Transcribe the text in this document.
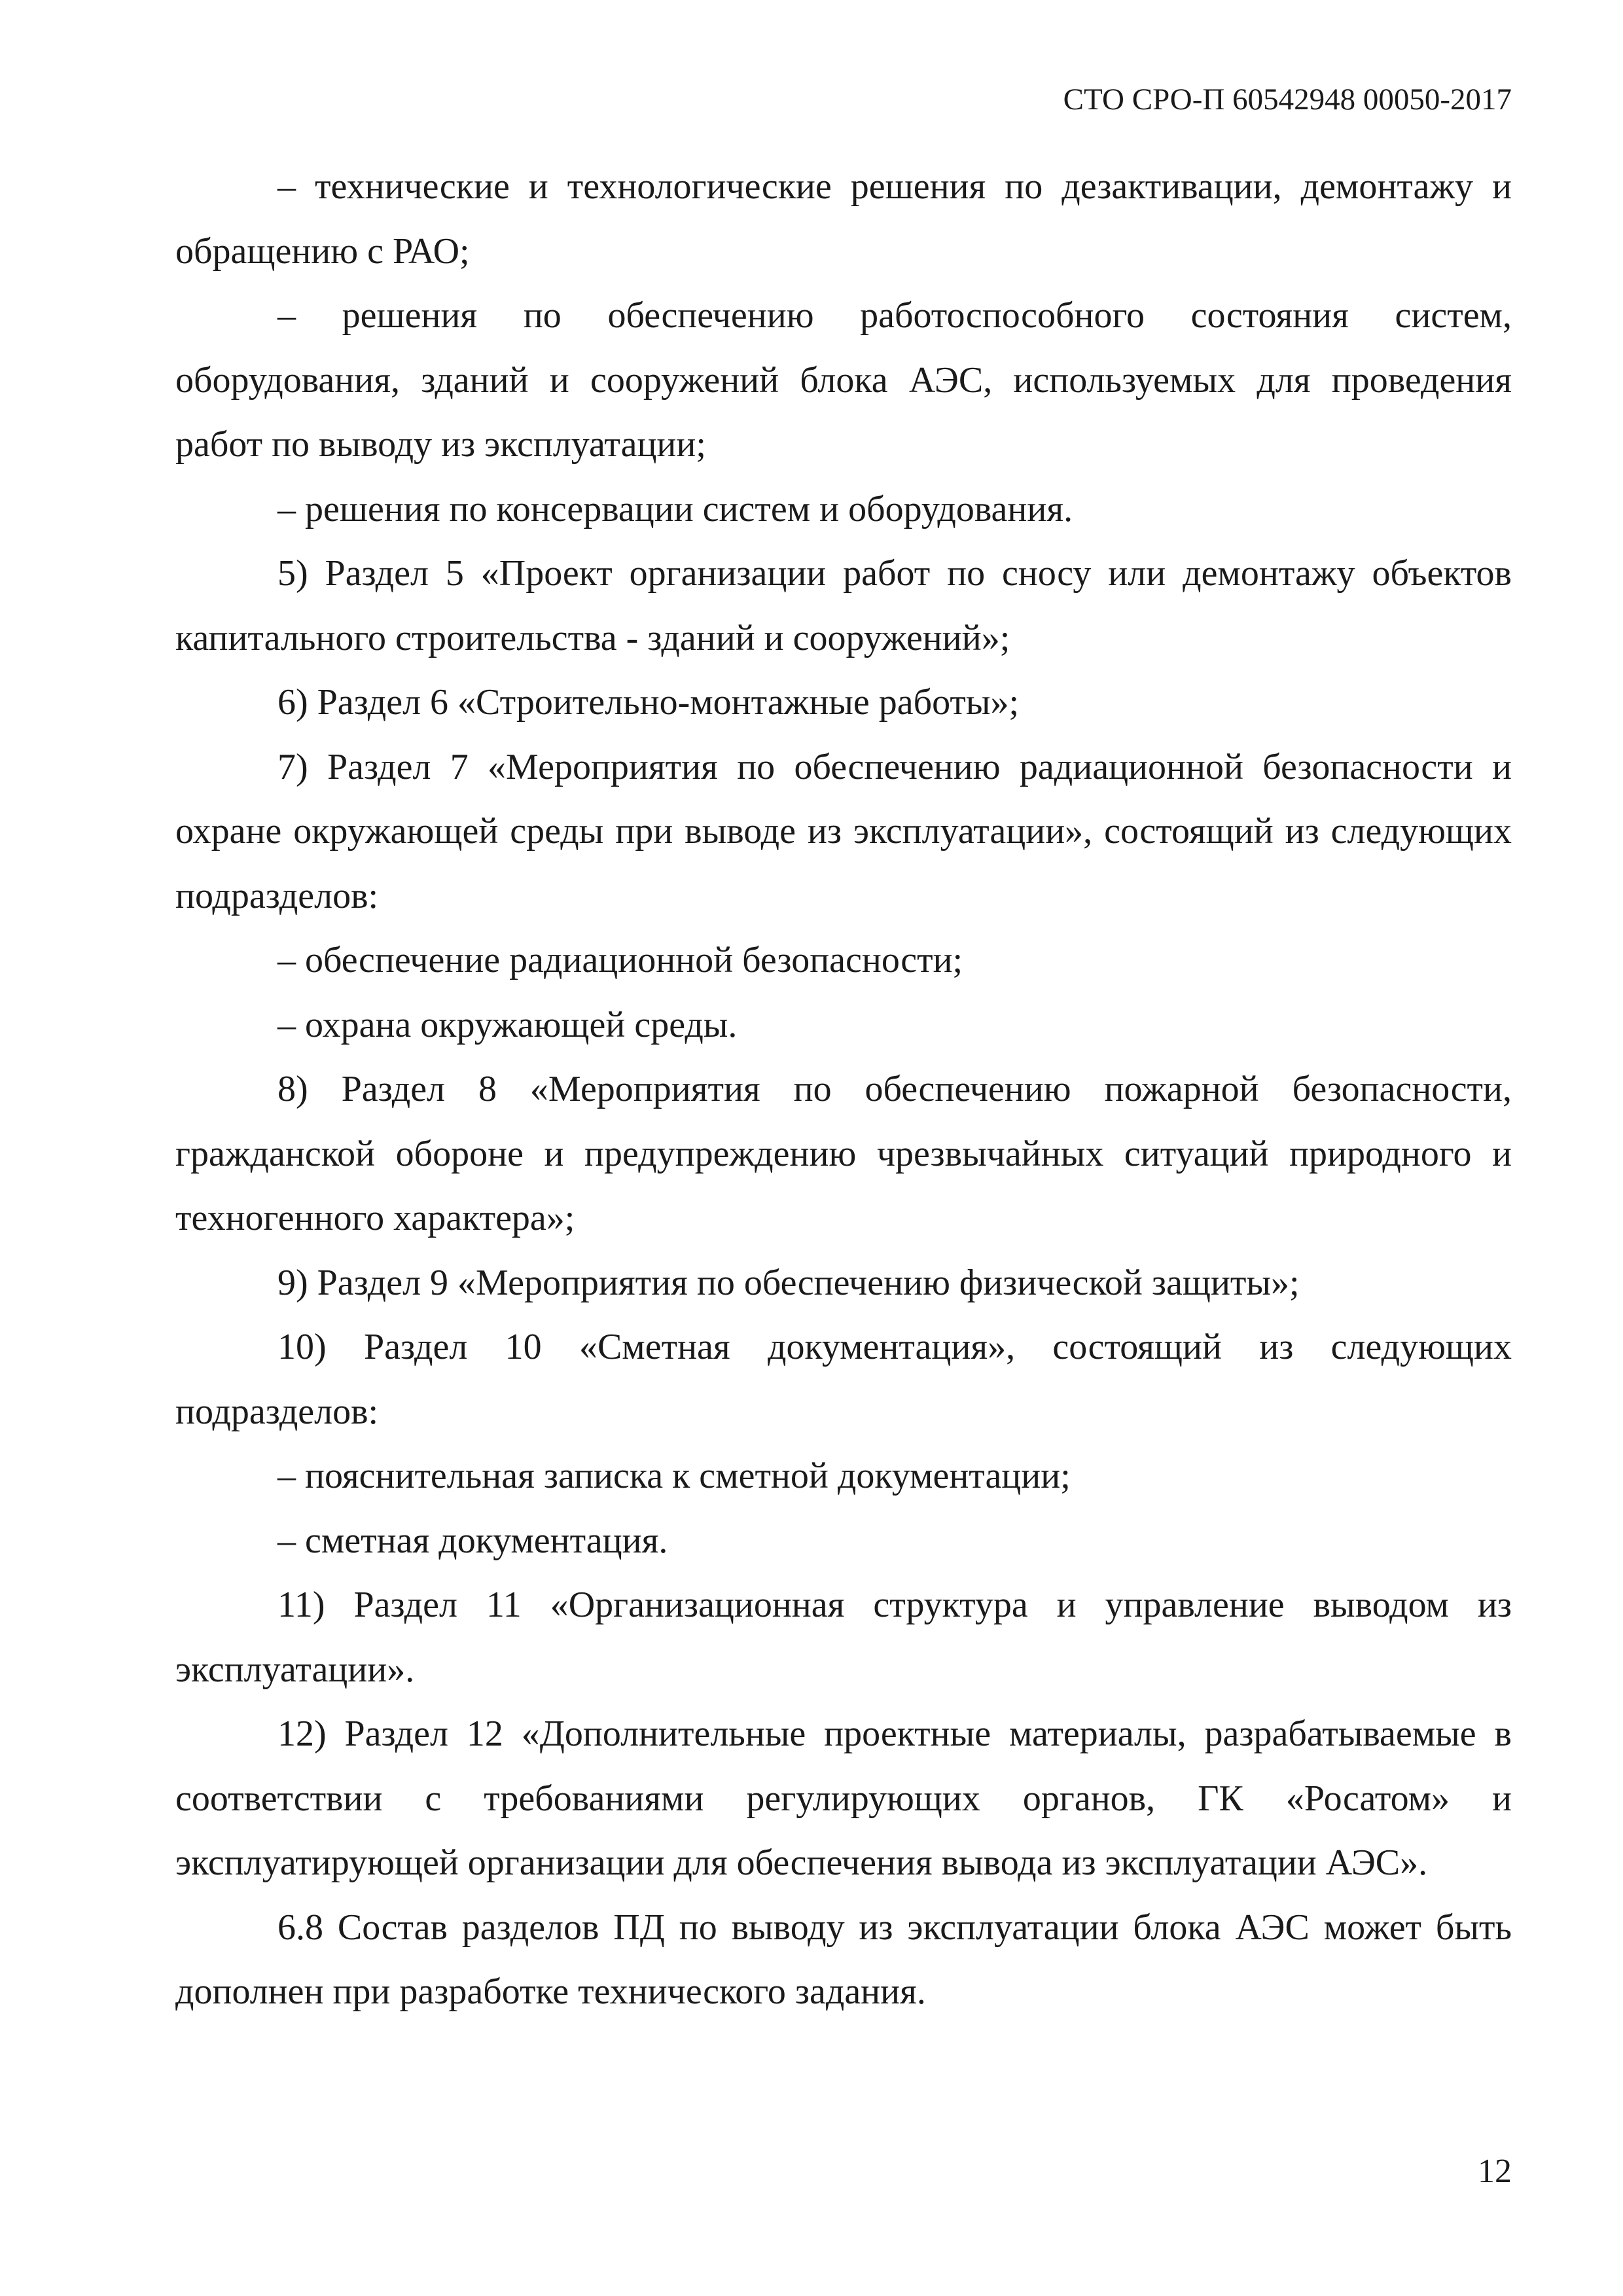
СТО СРО-П 60542948 00050-2017

– технические и технологические решения по дезактивации, демонтажу и обращению с РАО;

– решения по обеспечению работоспособного состояния систем, оборудования, зданий и сооружений блока АЭС, используемых для проведения работ по выводу из эксплуатации;

– решения по консервации систем и оборудования.

5) Раздел 5 «Проект организации работ по сносу или демонтажу объектов капитального строительства - зданий и сооружений»;

6) Раздел 6 «Строительно-монтажные работы»;

7) Раздел 7 «Мероприятия по обеспечению радиационной безопасности и охране окружающей среды при выводе из эксплуатации», состоящий из следующих подразделов:

– обеспечение радиационной безопасности;

– охрана окружающей среды.

8) Раздел 8 «Мероприятия по обеспечению пожарной безопасности, гражданской обороне и предупреждению чрезвычайных ситуаций природного и техногенного характера»;

9) Раздел 9 «Мероприятия по обеспечению физической защиты»;

10) Раздел 10 «Сметная документация», состоящий из следующих подразделов:

– пояснительная записка к сметной документации;

– сметная документация.

11) Раздел 11 «Организационная структура и управление выводом из эксплуатации».

12) Раздел 12 «Дополнительные проектные материалы, разрабатываемые в соответствии с требованиями регулирующих органов, ГК «Росатом» и эксплуатирующей организации для обеспечения вывода из эксплуатации АЭС».

6.8 Состав разделов ПД по выводу из эксплуатации блока АЭС может быть дополнен при разработке технического задания.

12
